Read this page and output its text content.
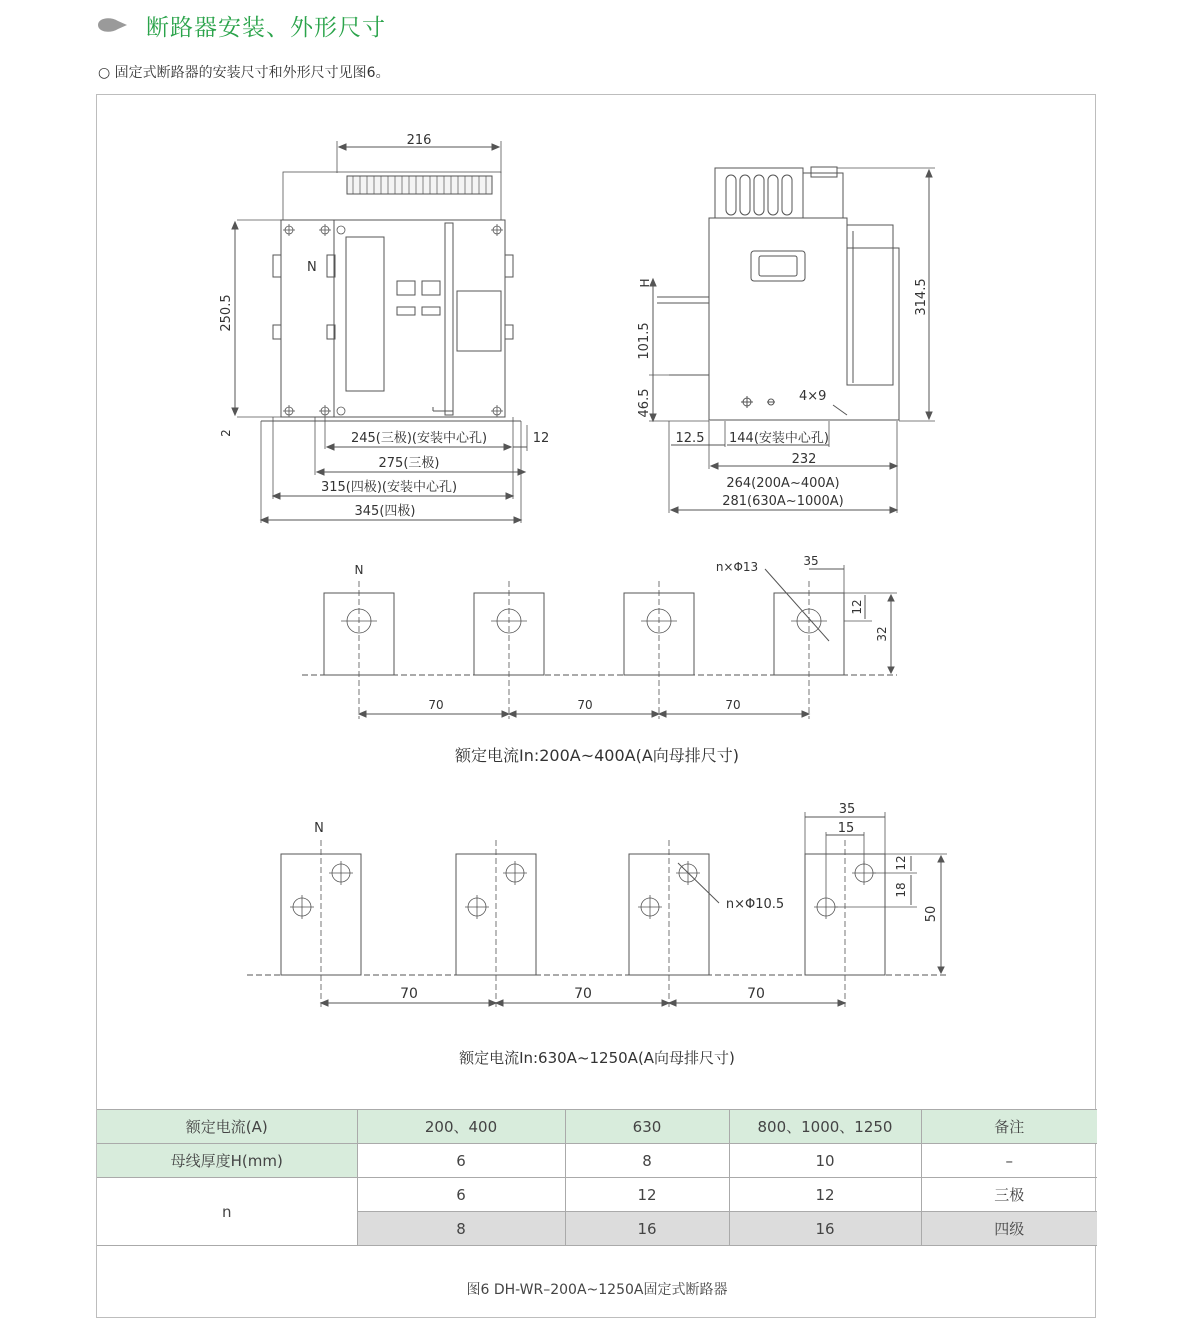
断路器安装、外形尺寸
○ 固定式断路器的安装尺寸和外形尺寸见图6。
216
N
250.5
2	245(三极)(安装中心孔)	12
275(三极)
315(四极)(安装中心孔)
345(四极)
H
101.5
46.5
314.5
4×9
12.5 144(安装中心孔)
232
264(200A~400A)
281(630A~1000A)
N	n×Φ13	35
12
32
70	70	70
额定电流In:200A~400A(A向母排尺寸)
N
n×Φ10.5
35
15
12
18
50
70	70	70
额定电流In:630A~1250A(A向母排尺寸)
额定电流(A)	200、400	630	800、1000、1250	备注
母线厚度H(mm)	6	8	10	–
n	6	12	12	三极
	8	16	16	四级
图6 DH-WR–200A~1250A固定式断路器
